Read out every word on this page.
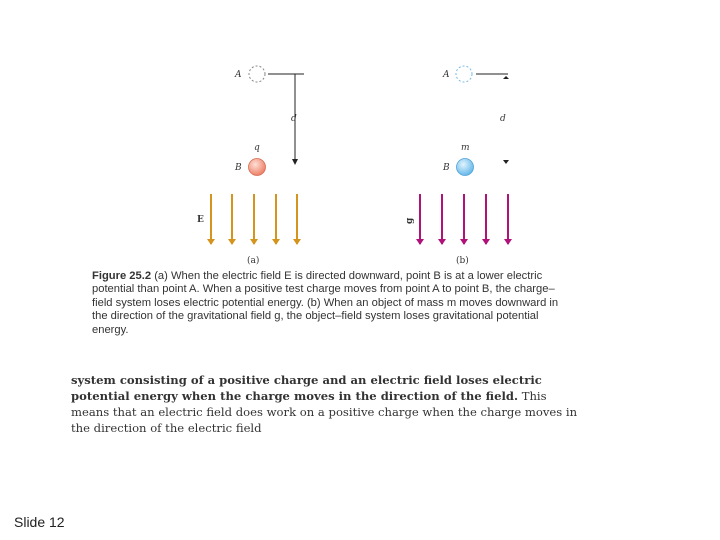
A
d
q
B
E
(a)
A
d
m
B
g
(b)
Figure 25.2 (a) When the electric field E is directed downward, point B is at a lower electric potential than point A. When a positive test charge moves from point A to point B, the charge–field system loses electric potential energy. (b) When an object of mass m moves downward in the direction of the gravitational field g, the object–field system loses gravitational potential energy.
system consisting of a positive charge and an electric field loses electric potential energy when the charge moves in the direction of the field. This means that an electric field does work on a positive charge when the charge moves in the direction of the electric field
Slide 12
